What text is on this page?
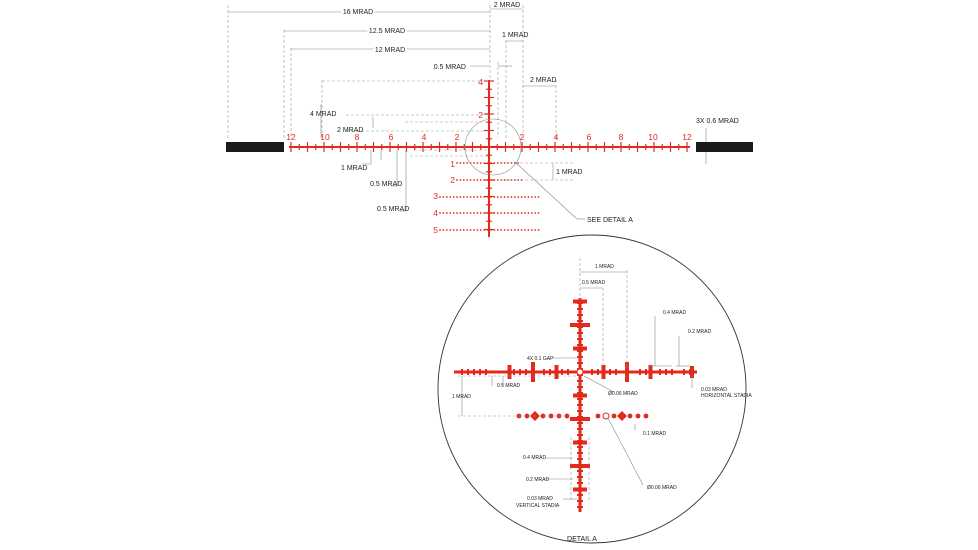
12	10	8	6	4	2	2	4	6	8	10	12
4
2
1
2
3
4
5
SEE DETAIL A
16 MRAD
2 MRAD
12.5 MRAD
1 MRAD
12 MRAD
0.5 MRAD
2 MRAD
4 MRAD
2 MRAD
3X 0.6 MRAD
1 MRAD
1 MRAD
0.5 MRAD
0.5 MRAD
DETAIL A
1 MRAD
0.5 MRAD
0.4 MRAD
0.2 MRAD
4X 0.1 GAP
0.5 MRAD
Ø0.06 MRAD
0.03 MRAD
HORIZONTAL STADIA
1 MRAD
0.1 MRAD
0.4 MRAD
0.2 MRAD
Ø0.06 MRAD
0.03 MRAD
VERTICAL STADIA
